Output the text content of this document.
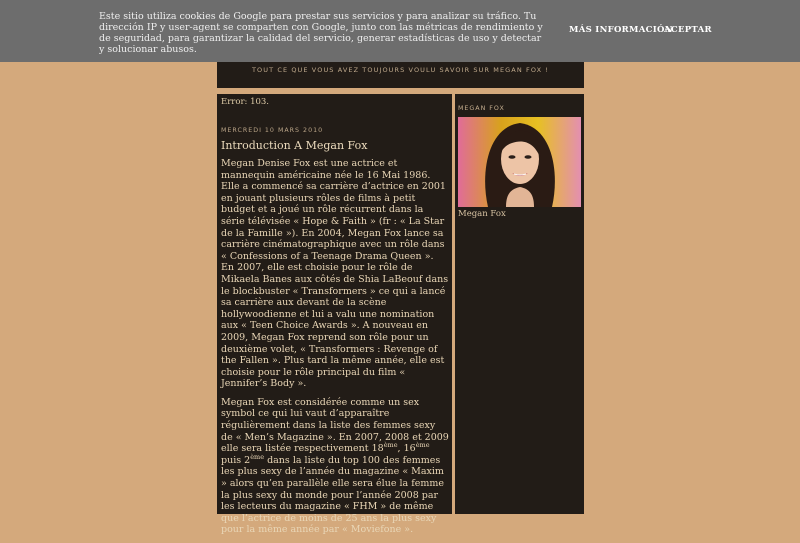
Este sitio utiliza cookies de Google para prestar sus servicios y para analizar su tráfico. Tu dirección IP y user-agent se comparten con Google, junto con las métricas de rendimiento y de seguridad, para garantizar la calidad del servicio, generar estadísticas de uso y detectar y solucionar abusos.
MÁS INFORMACIÓN
ACEPTAR
TOUT CE QUE VOUS AVEZ TOUJOURS VOULU SAVOIR SUR MEGAN FOX !
Error: 103.
MERCREDI 10 MARS 2010
Introduction A Megan Fox

Megan Denise Fox est une actrice et mannequin américaine née le 16 Mai 1986. Elle a commencé sa carrière d’actrice en 2001 en jouant plusieurs rôles de films à petit budget et a joué un rôle récurrent dans la série télévisée « Hope & Faith » (fr : « La Star de la Famille »). En 2004, Megan Fox lance sa carrière cinématographique avec un rôle dans « Confessions of a Teenage Drama Queen ». En 2007, elle est choisie pour le rôle de Mikaela Banes aux côtés de Shia LaBeouf dans le blockbuster « Transformers » ce qui a lancé sa carrière aux devant de la scène hollywoodienne et lui a valu une nomination aux « Teen Choice Awards ». A nouveau en 2009, Megan Fox reprend son rôle pour un deuxième volet, « Transformers : Revenge of the Fallen ». Plus tard la même année, elle est choisie pour le rôle principal du film « Jennifer’s Body ».

Megan Fox est considérée comme un sex symbol ce qui lui vaut d’apparaître régulièrement dans la liste des femmes sexy de « Men’s Magazine ». En 2007, 2008 et 2009 elle sera listée respectivement 18ème, 16ème puis 2ème dans la liste du top 100 des femmes les plus sexy de l’année du magazine « Maxim » alors qu’en parallèle elle sera élue la femme la plus sexy du monde pour l’année 2008 par les lecteurs du magazine « FHM » de même que l’actrice de moins de 25 ans la plus sexy pour la même année par « Moviefone ».

MEGAN FOX
Megan Fox
